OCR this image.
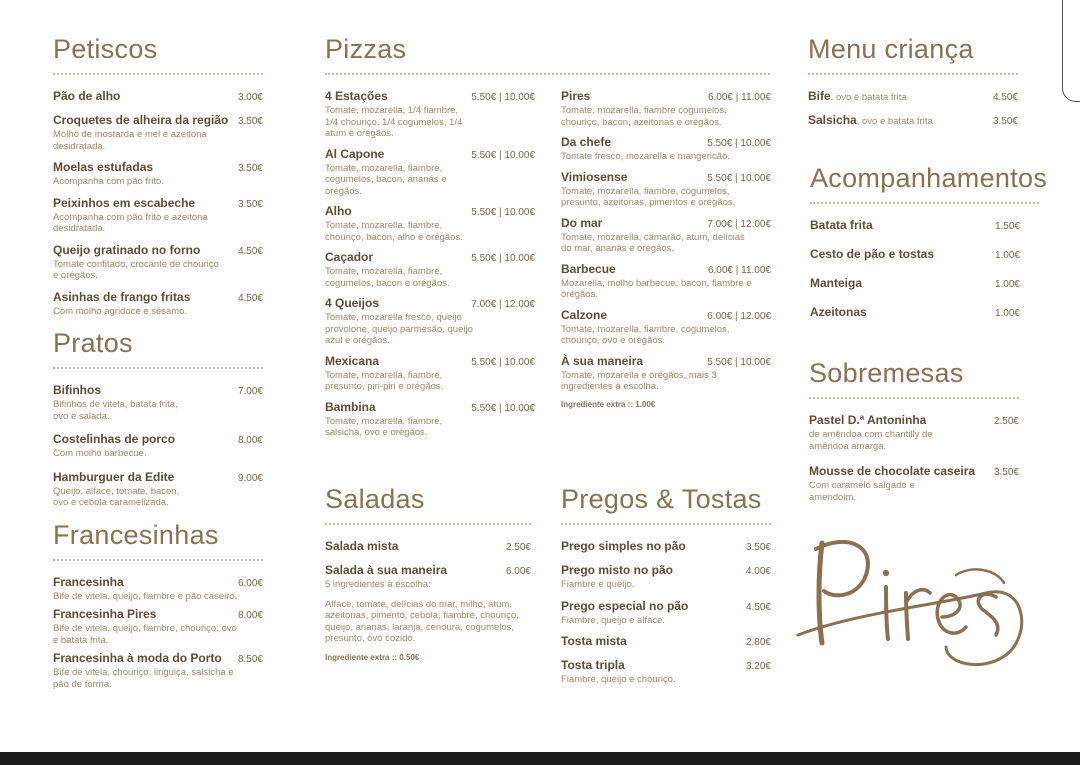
Petiscos
Pão de alho	3.00€
Croquetes de alheira da região 3.50€
Molho de mostarda e mel e azeitona desidratada.
Moelas estufadas	3.50€
Acompanha com pão frito.
Peixinhos em escabeche	3.50€
Acompanha com pão frito e azeitona desidratada.
Queijo gratinado no forno	4.50€
Tomate confitado, crocante de chouriço e orégãos.
Asinhas de frango fritas	4.50€
Com molho agridoce e sésamo.
Pratos
Bifinhos	7.00€
Bifinhos de vitela, batata frita, ovo e salada.
Costelinhas de porco	8.00€
Com molho barbecue.
Hamburguer da Edite	9.00€
Queijo, alface, tomate, bacon, ovo e cebola caramelizada.
Francesinhas
Francesinha	6.00€
Bife de vitela, queijo, fiambre e pão caseiro.
Francesinha Pires	8.00€
Bife de vitela, queijo, fiambre, chouriço, ovo e batata frita.
Francesinha à moda do Porto 8.50€
Bife de vitela, chouriço, linguiça, salsicha e pão de forma.
Pizzas
4 Estações	5.50€ | 10.00€
Tomate, mozarella, 1/4 fiambre, 1/4 chouriço, 1/4 cogumelos, 1/4 atum e orégãos.
Al Capone	5.50€ | 10.00€
Tomate, mozarella, fiambre, cogumelos, bacon, ananás e orégãos.
Alho	5.50€ | 10.00€
Tomate, mozarella, fiambre, chouriço, bacon, alho e orégãos.
Caçador	5.50€ | 10.00€
Tomate, mozarella, fiambre, cogumelos, bacon e orégãos.
4 Queijos	7.00€ | 12.00€
Tomate, mozarella fresco, queijo provolone, queijo parmesão, queijo azul e orégãos.
Mexicana	5.50€ | 10.00€
Tomate, mozarella, fiambre, presunto, piri-piri e orégãos.
Bambina	5.50€ | 10.00€
Tomate, mozarella, fiambre, salsicha, ovo e orégãos.
Pires	6.00€ | 11.00€
Tomate, mozarella, fiambre cogumelos, chouriço, bacon, azeitonas e orégãos.
Da chefe	5.50€ | 10.00€
Tomate fresco, mozarella e mangericão.
Vimiosense	5.50€ | 10.00€
Tomate, mozarella, fiambre, cogumelos, presunto, azeitonas, pimentos e orégãos.
Do mar	7.00€ | 12.00€
Tomate, mozarella, camarão, atum, delícias do mar, ananás e orégãos.
Barbecue	6.00€ | 11.00€
Mozarella, molho barbecue, bacon, fiambre e orégãos.
Calzone	6.00€ | 12.00€
Tomate, mozarella, fiambre, cogumelos, chouriço, ovo e orégãos.
À sua maneira	5.50€ | 10.00€
Tomate, mozarella e orégãos, mais 3 ingredientes à escolha.
Ingrediente extra :: 1.00€
Saladas
Salada mista	2.50€
Salada à sua maneira	6.00€
5 ingredientes à escolha:
Alface, tomate, delícias do mar, milho, atum, azeitonas, pimento, cebola, fiambre, chouriço, queijo, ananás, laranja, cenoura, cogumelos, presunto, ovo cozido.
Ingrediente extra :: 0.50€
Pregos & Tostas
Prego simples no pão	3.50€
Prego misto no pão	4.00€
Fiambre e queijo.
Prego especial no pão	4.50€
Fiambre, queijo e alface.
Tosta mista	2.80€
Tosta tripla	3.20€
Fiambre, queijo e chouriço.
Menu criança
Bife, ovo e batata frita	4.50€
Salsicha, ovo e batata frita	3.50€
Acompanhamentos
Batata frita	1.50€
Cesto de pão e tostas	1.00€
Manteiga	1.00€
Azeitonas	1.00€
Sobremesas
Pastel D.ª Antoninha	2.50€
de amêndoa com chantilly de amêndoa amarga.
Mousse de chocolate caseira 3.50€
Com caramelo salgado e amendoim.
